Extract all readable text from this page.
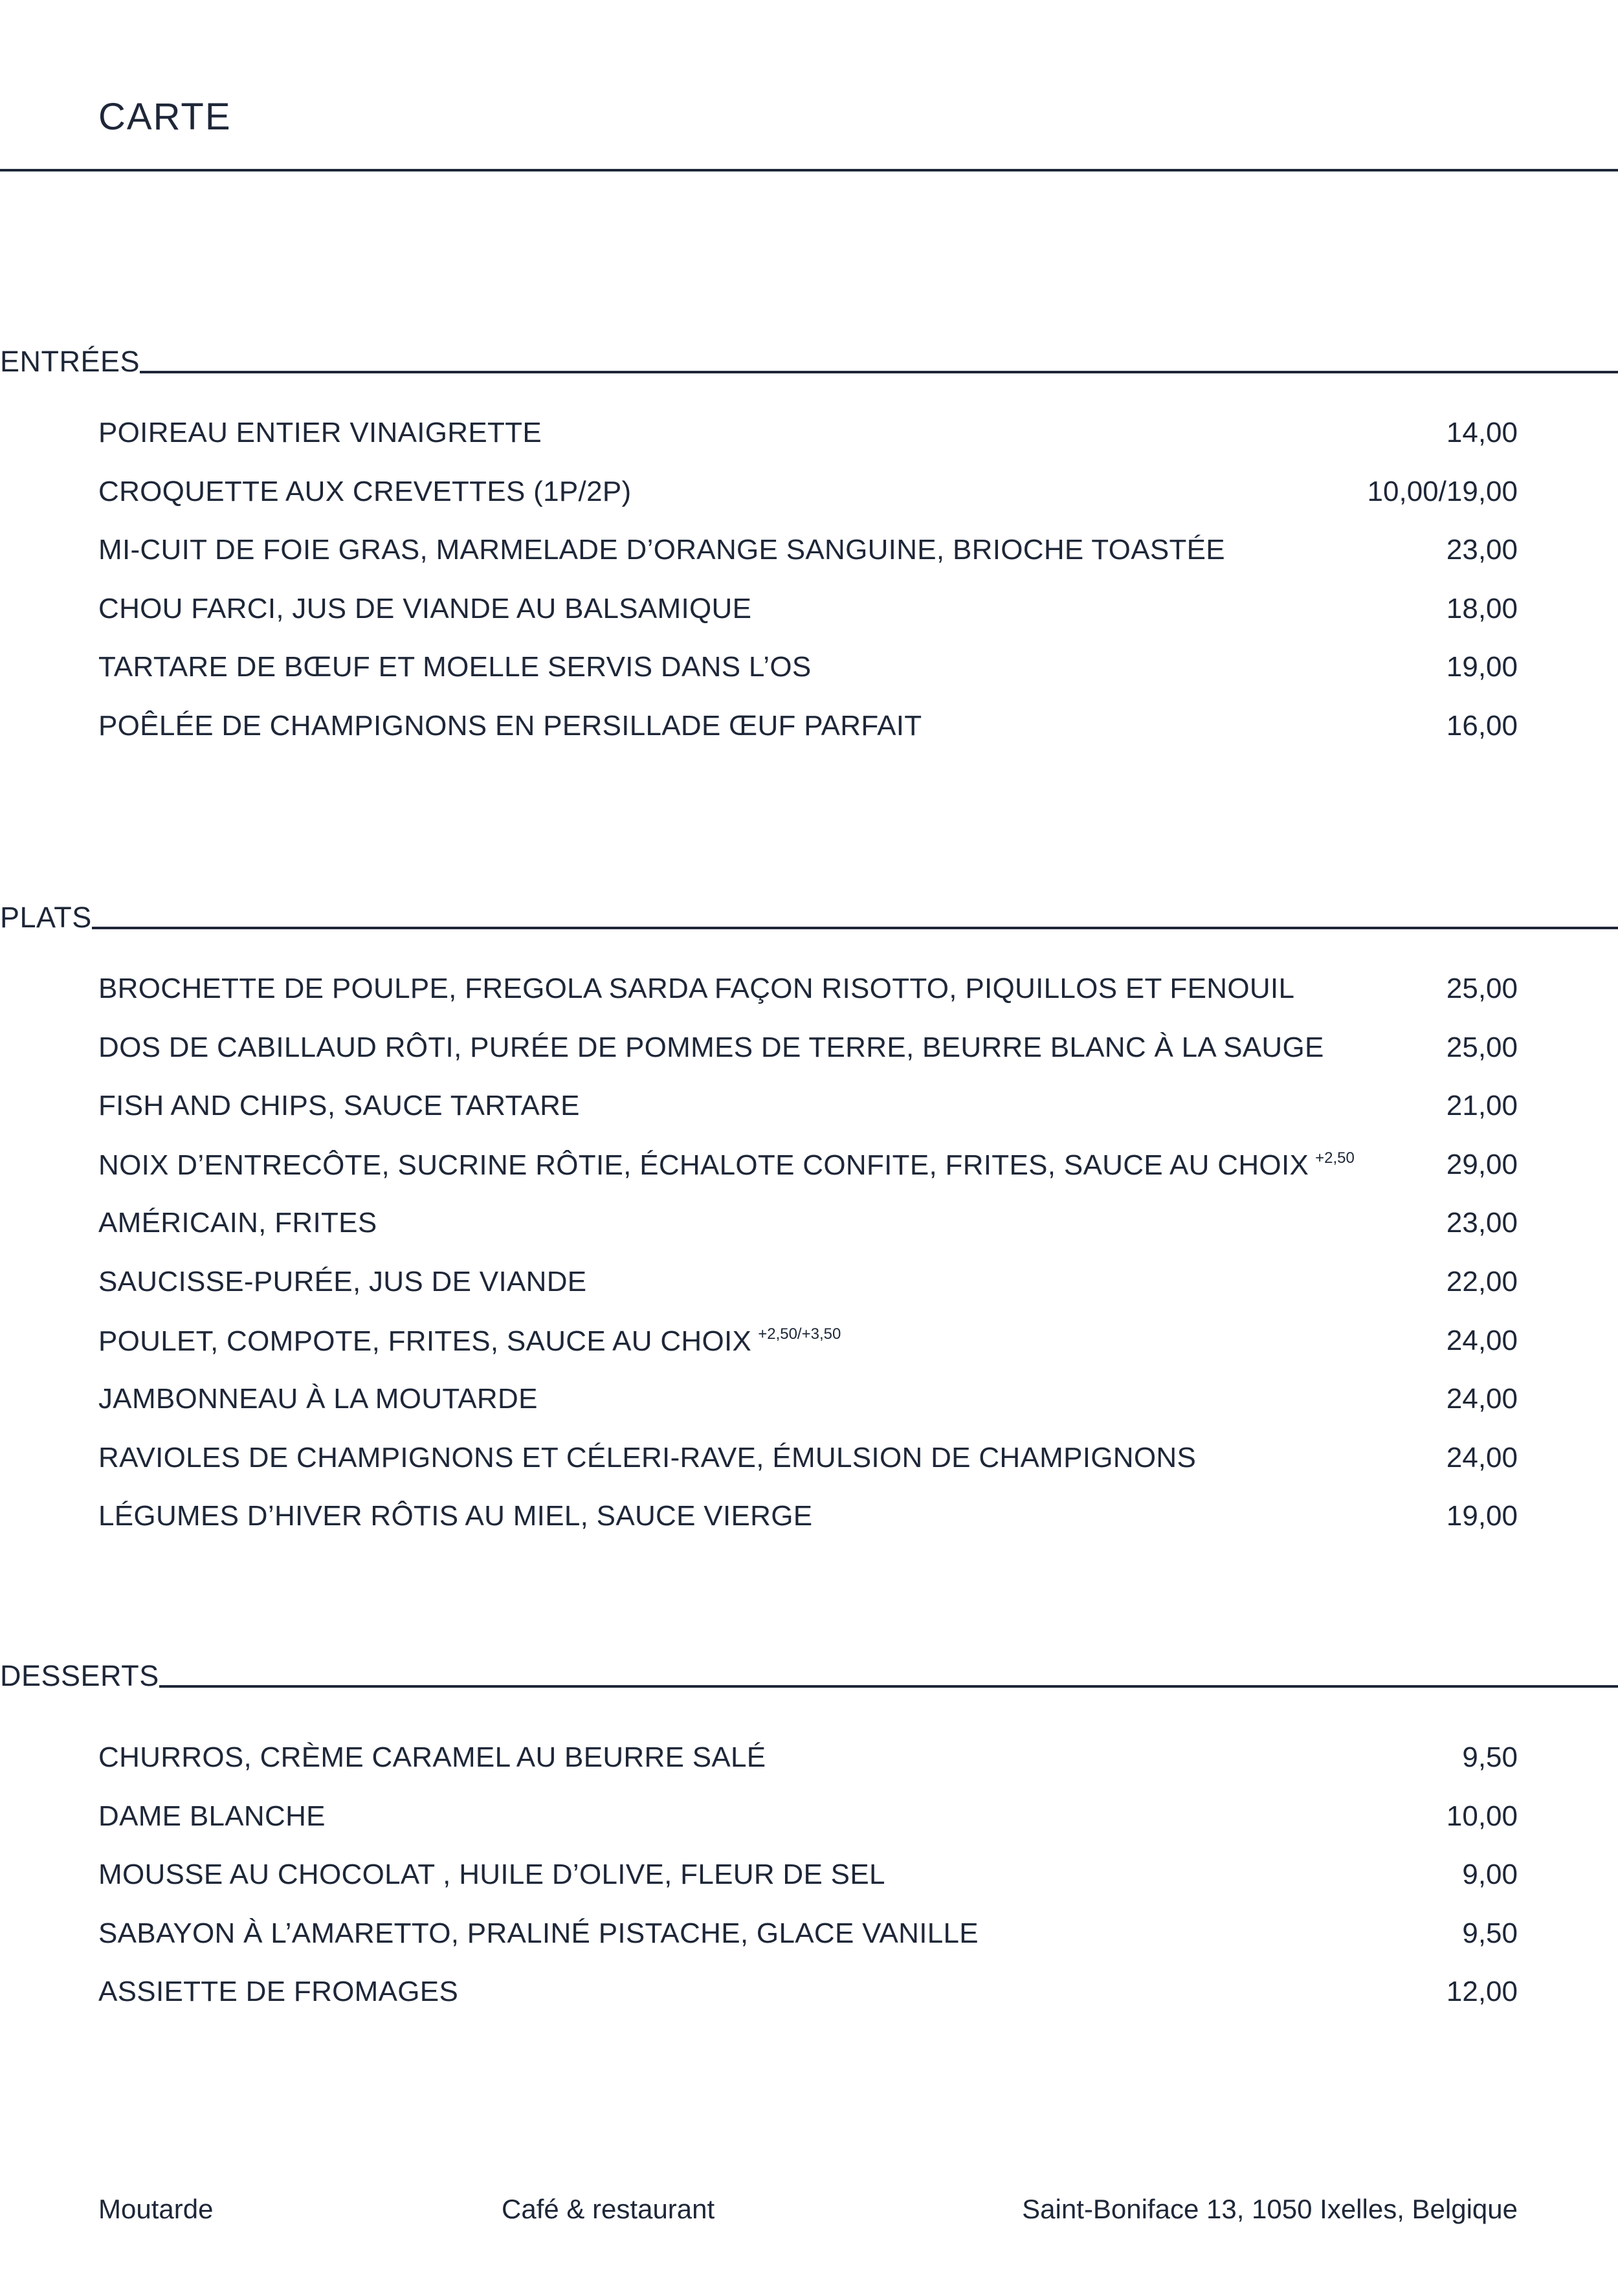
CARTE
ENTRÉES
POIREAU ENTIER VINAIGRETTE	14,00
CROQUETTE AUX CREVETTES (1P/2P)	10,00/19,00
MI-CUIT DE FOIE GRAS, MARMELADE D’ORANGE SANGUINE, BRIOCHE TOASTÉE	23,00
CHOU FARCI, JUS DE VIANDE AU BALSAMIQUE	18,00
TARTARE DE BŒUF ET MOELLE SERVIS DANS L’OS	19,00
POÊLÉE DE CHAMPIGNONS EN PERSILLADE ŒUF PARFAIT	16,00
PLATS
BROCHETTE DE POULPE, FREGOLA SARDA FAÇON RISOTTO, PIQUILLOS ET FENOUIL	25,00
DOS DE CABILLAUD RÔTI, PURÉE DE POMMES DE TERRE, BEURRE BLANC À LA SAUGE	25,00
FISH AND CHIPS, SAUCE TARTARE	21,00
NOIX D’ENTRECÔTE, SUCRINE RÔTIE, ÉCHALOTE CONFITE, FRITES, SAUCE AU CHOIX $^{+2,50}$	29,00
AMÉRICAIN, FRITES	23,00
SAUCISSE-PURÉE, JUS DE VIANDE	22,00
POULET, COMPOTE, FRITES, SAUCE AU CHOIX $^{+2,50/+3,50}$	24,00
JAMBONNEAU À LA MOUTARDE	24,00
RAVIOLES DE CHAMPIGNONS ET CÉLERI-RAVE, ÉMULSION DE CHAMPIGNONS	24,00
LÉGUMES D’HIVER RÔTIS AU MIEL, SAUCE VIERGE	19,00
DESSERTS
CHURROS, CRÈME CARAMEL AU BEURRE SALÉ	9,50
DAME BLANCHE	10,00
MOUSSE AU CHOCOLAT , HUILE D’OLIVE, FLEUR DE SEL	9,00
SABAYON À L’AMARETTO, PRALINÉ PISTACHE, GLACE VANILLE	9,50
ASSIETTE DE FROMAGES	12,00
Moutarde	Café & restaurant	Saint-Boniface 13, 1050 Ixelles, Belgique
